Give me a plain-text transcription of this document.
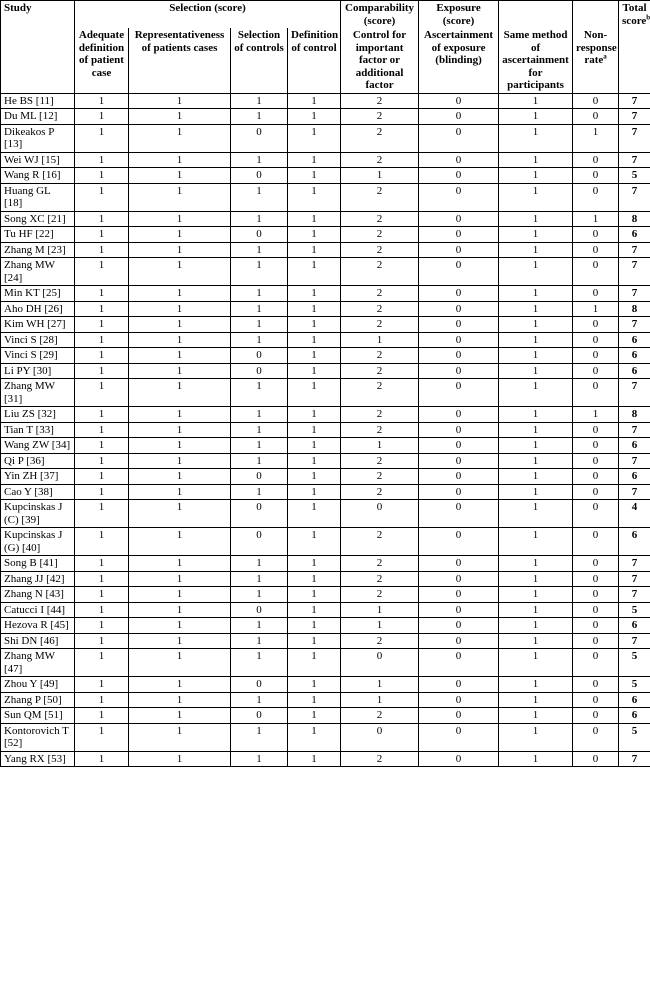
Study	Selection (score)				Comparability (score)	Exposure (score)			Total score$^b$
	Adequate definition of patient case	Representativeness of patients cases	Selection of controls	Definition of control	Control for important factor or additional factor	Ascertainment of exposure (blinding)	Same method of ascertainment for participants	Non-response rate$^a$
He BS [11]	1	1	1	1	2	0	1	0	7
Du ML [12]	1	1	1	1	2	0	1	0	7
Dikeakos P [13]	1	1	0	1	2	0	1	1	7
Wei WJ [15]	1	1	1	1	2	0	1	0	7
Wang R [16]	1	1	0	1	1	0	1	0	5
Huang GL [18]	1	1	1	1	2	0	1	0	7
Song XC [21]	1	1	1	1	2	0	1	1	8
Tu HF [22]	1	1	0	1	2	0	1	0	6
Zhang M [23]	1	1	1	1	2	0	1	0	7
Zhang MW [24]	1	1	1	1	2	0	1	0	7
Min KT [25]	1	1	1	1	2	0	1	0	7
Aho DH [26]	1	1	1	1	2	0	1	1	8
Kim WH [27]	1	1	1	1	2	0	1	0	7
Vinci S [28]	1	1	1	1	1	0	1	0	6
Vinci S [29]	1	1	0	1	2	0	1	0	6
Li PY [30]	1	1	0	1	2	0	1	0	6
Zhang MW [31]	1	1	1	1	2	0	1	0	7
Liu ZS [32]	1	1	1	1	2	0	1	1	8
Tian T [33]	1	1	1	1	2	0	1	0	7
Wang ZW [34]	1	1	1	1	1	0	1	0	6
Qi P [36]	1	1	1	1	2	0	1	0	7
Yin ZH [37]	1	1	0	1	2	0	1	0	6
Cao Y [38]	1	1	1	1	2	0	1	0	7
Kupcinskas J (C) [39]	1	1	0	1	0	0	1	0	4
Kupcinskas J (G) [40]	1	1	0	1	2	0	1	0	6
Song B [41]	1	1	1	1	2	0	1	0	7
Zhang JJ [42]	1	1	1	1	2	0	1	0	7
Zhang N [43]	1	1	1	1	2	0	1	0	7
Catucci I [44]	1	1	0	1	1	0	1	0	5
Hezova R [45]	1	1	1	1	1	0	1	0	6
Shi DN [46]	1	1	1	1	2	0	1	0	7
Zhang MW [47]	1	1	1	1	0	0	1	0	5
Zhou Y [49]	1	1	0	1	1	0	1	0	5
Zhang P [50]	1	1	1	1	1	0	1	0	6
Sun QM [51]	1	1	0	1	2	0	1	0	6
Kontorovich T [52]	1	1	1	1	0	0	1	0	5
Yang RX [53]	1	1	1	1	2	0	1	0	7
